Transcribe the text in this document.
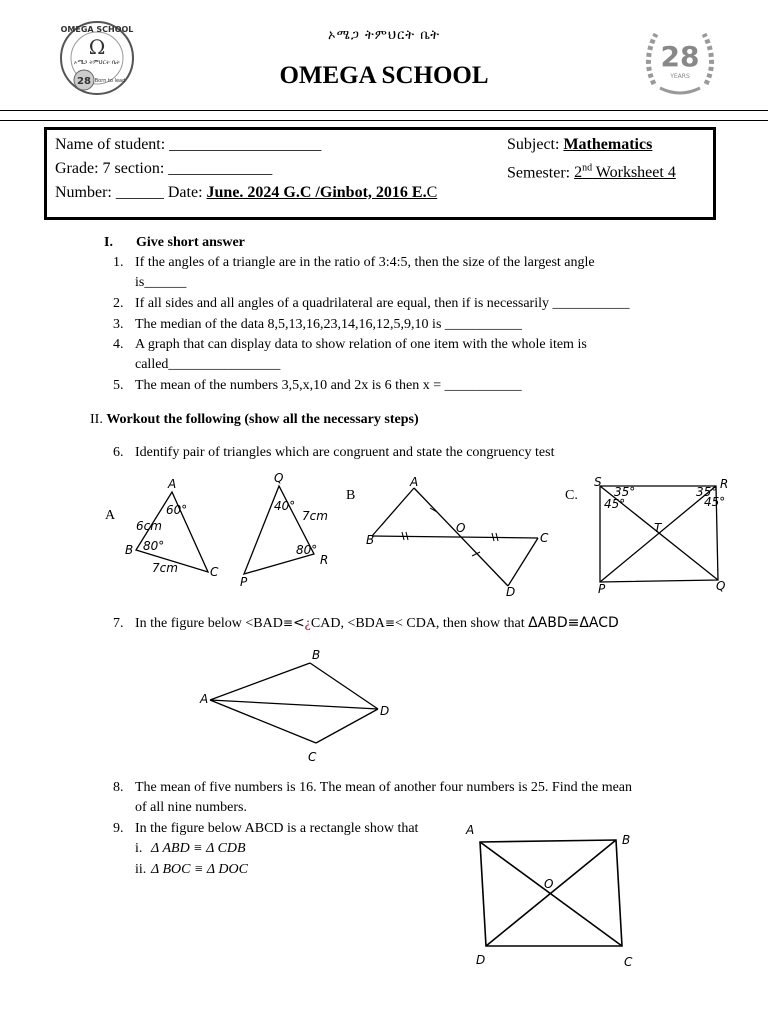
OMEGA SCHOOL
Ω
ኦሜጋ ትምህርት ቤት
28 Born to lead
ኦሜጋ ትምህርት ቤት
OMEGA SCHOOL
28
YEARS
Name of student: ___________________	Subject: Mathematics
Grade: 7 section: _____________	Semester: 2nd Worksheet 4
Number: ______ Date: June. 2024 G.C /Ginbot, 2016 E.C
I. Give short answer
1. If the angles of a triangle are in the ratio of 3:4:5, then the size of the largest angle
is______
2. If all sides and all angles of a quadrilateral are equal, then if is necessarily ___________
3. The median of the data 8,5,13,16,23,14,16,12,5,9,10 is ___________
4. A graph that can display data to show relation of one item with the whole item is
called________________
5. The mean of the numbers 3,5,x,10 and 2x is 6 then x = ___________
II. Workout the following (show all the necessary steps)
6. Identify pair of triangles which are congruent and state the congruency test
A
B	C.
A
B
C
60°
80°
6cm
7cm
Q
P
R
40°
80°
7cm
A
B	C
D
O
S	R
P	Q
T
35°
45°
35°
45°
7. In the figure below <BAD≡<¿CAD, <BDA≡< CDA, then show that ΔABD≡ΔACD
A
B
C
D
8. The mean of five numbers is 16. The mean of another four numbers is 25. Find the mean
of all nine numbers.
9. In the figure below ABCD is a rectangle show that
i. Δ ABD ≡ Δ CDB
ii. Δ BOC ≡ Δ DOC
A
B
C
D
O
